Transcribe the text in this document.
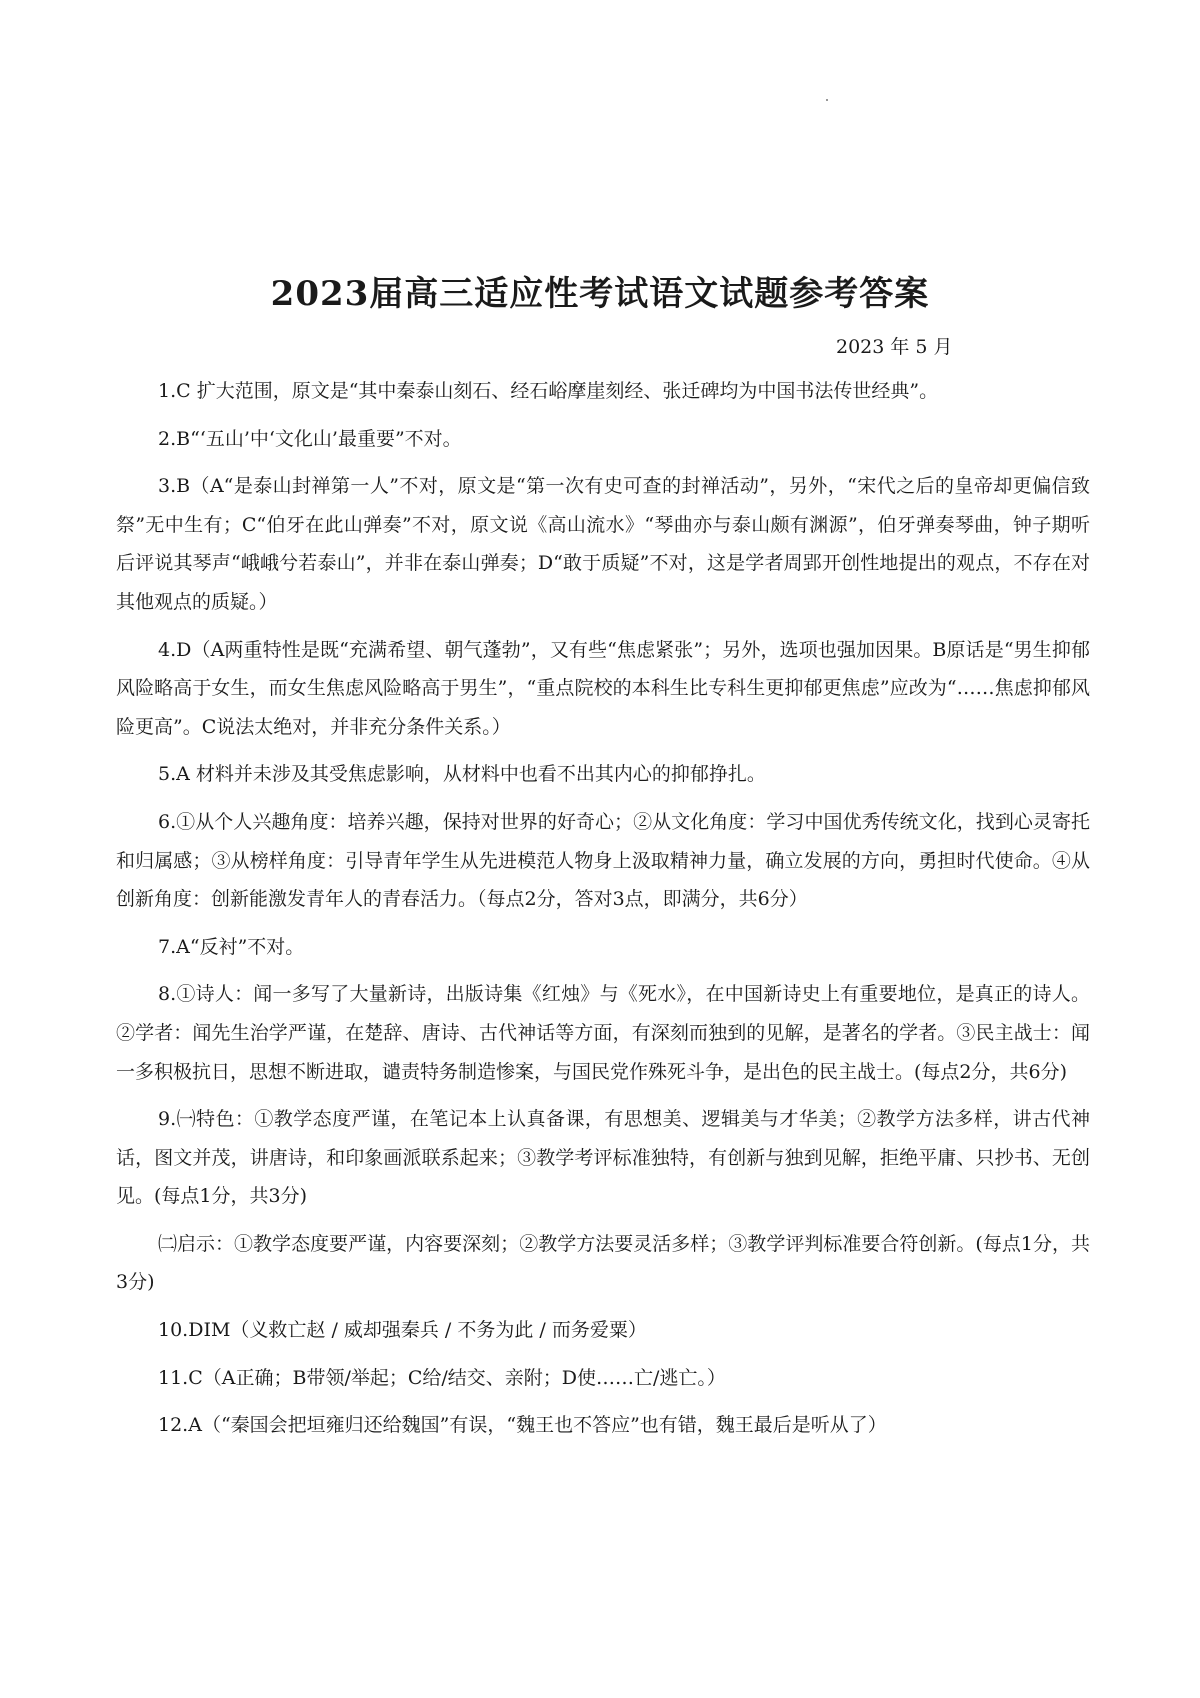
2023届高三适应性考试语文试题参考答案
2023 年 5 月

1.C 扩大范围，原文是“其中秦泰山刻石、经石峪摩崖刻经、张迁碑均为中国书法传世经典”。

2.B“‘五山’中‘文化山’最重要”不对。

3.B（A“是泰山封禅第一人”不对，原文是“第一次有史可查的封禅活动”，另外，“宋代之后的皇帝却更偏信致祭”无中生有；C“伯牙在此山弹奏”不对，原文说《高山流水》“琴曲亦与泰山颇有渊源”，伯牙弹奏琴曲，钟子期听后评说其琴声“峨峨兮若泰山”，并非在泰山弹奏；D“敢于质疑”不对，这是学者周郢开创性地提出的观点，不存在对其他观点的质疑。）

4.D（A两重特性是既“充满希望、朝气蓬勃”，又有些“焦虑紧张”；另外，选项也强加因果。B原话是“男生抑郁风险略高于女生，而女生焦虑风险略高于男生”，“重点院校的本科生比专科生更抑郁更焦虑”应改为“……焦虑抑郁风险更高”。C说法太绝对，并非充分条件关系。）

5.A 材料并未涉及其受焦虑影响，从材料中也看不出其内心的抑郁挣扎。

6.①从个人兴趣角度：培养兴趣，保持对世界的好奇心；②从文化角度：学习中国优秀传统文化，找到心灵寄托和归属感；③从榜样角度：引导青年学生从先进模范人物身上汲取精神力量，确立发展的方向，勇担时代使命。④从创新角度：创新能激发青年人的青春活力。（每点2分，答对3点，即满分，共6分）

7.A“反衬”不对。

8.①诗人：闻一多写了大量新诗，出版诗集《红烛》与《死水》，在中国新诗史上有重要地位，是真正的诗人。②学者：闻先生治学严谨，在楚辞、唐诗、古代神话等方面，有深刻而独到的见解，是著名的学者。③民主战士：闻一多积极抗日，思想不断进取，谴责特务制造惨案，与国民党作殊死斗争，是出色的民主战士。(每点2分，共6分)

9.㈠特色：①教学态度严谨，在笔记本上认真备课，有思想美、逻辑美与才华美；②教学方法多样，讲古代神话，图文并茂，讲唐诗，和印象画派联系起来；③教学考评标准独特，有创新与独到见解，拒绝平庸、只抄书、无创见。(每点1分，共3分)

㈡启示：①教学态度要严谨，内容要深刻；②教学方法要灵活多样；③教学评判标准要合符创新。(每点1分，共3分)

10.DIM（义救亡赵 / 威却强秦兵 / 不务为此 / 而务爱粟）

11.C（A正确；B带领/举起；C给/结交、亲附；D使……亡/逃亡。）

12.A（“秦国会把垣雍归还给魏国”有误，“魏王也不答应”也有错，魏王最后是听从了）
